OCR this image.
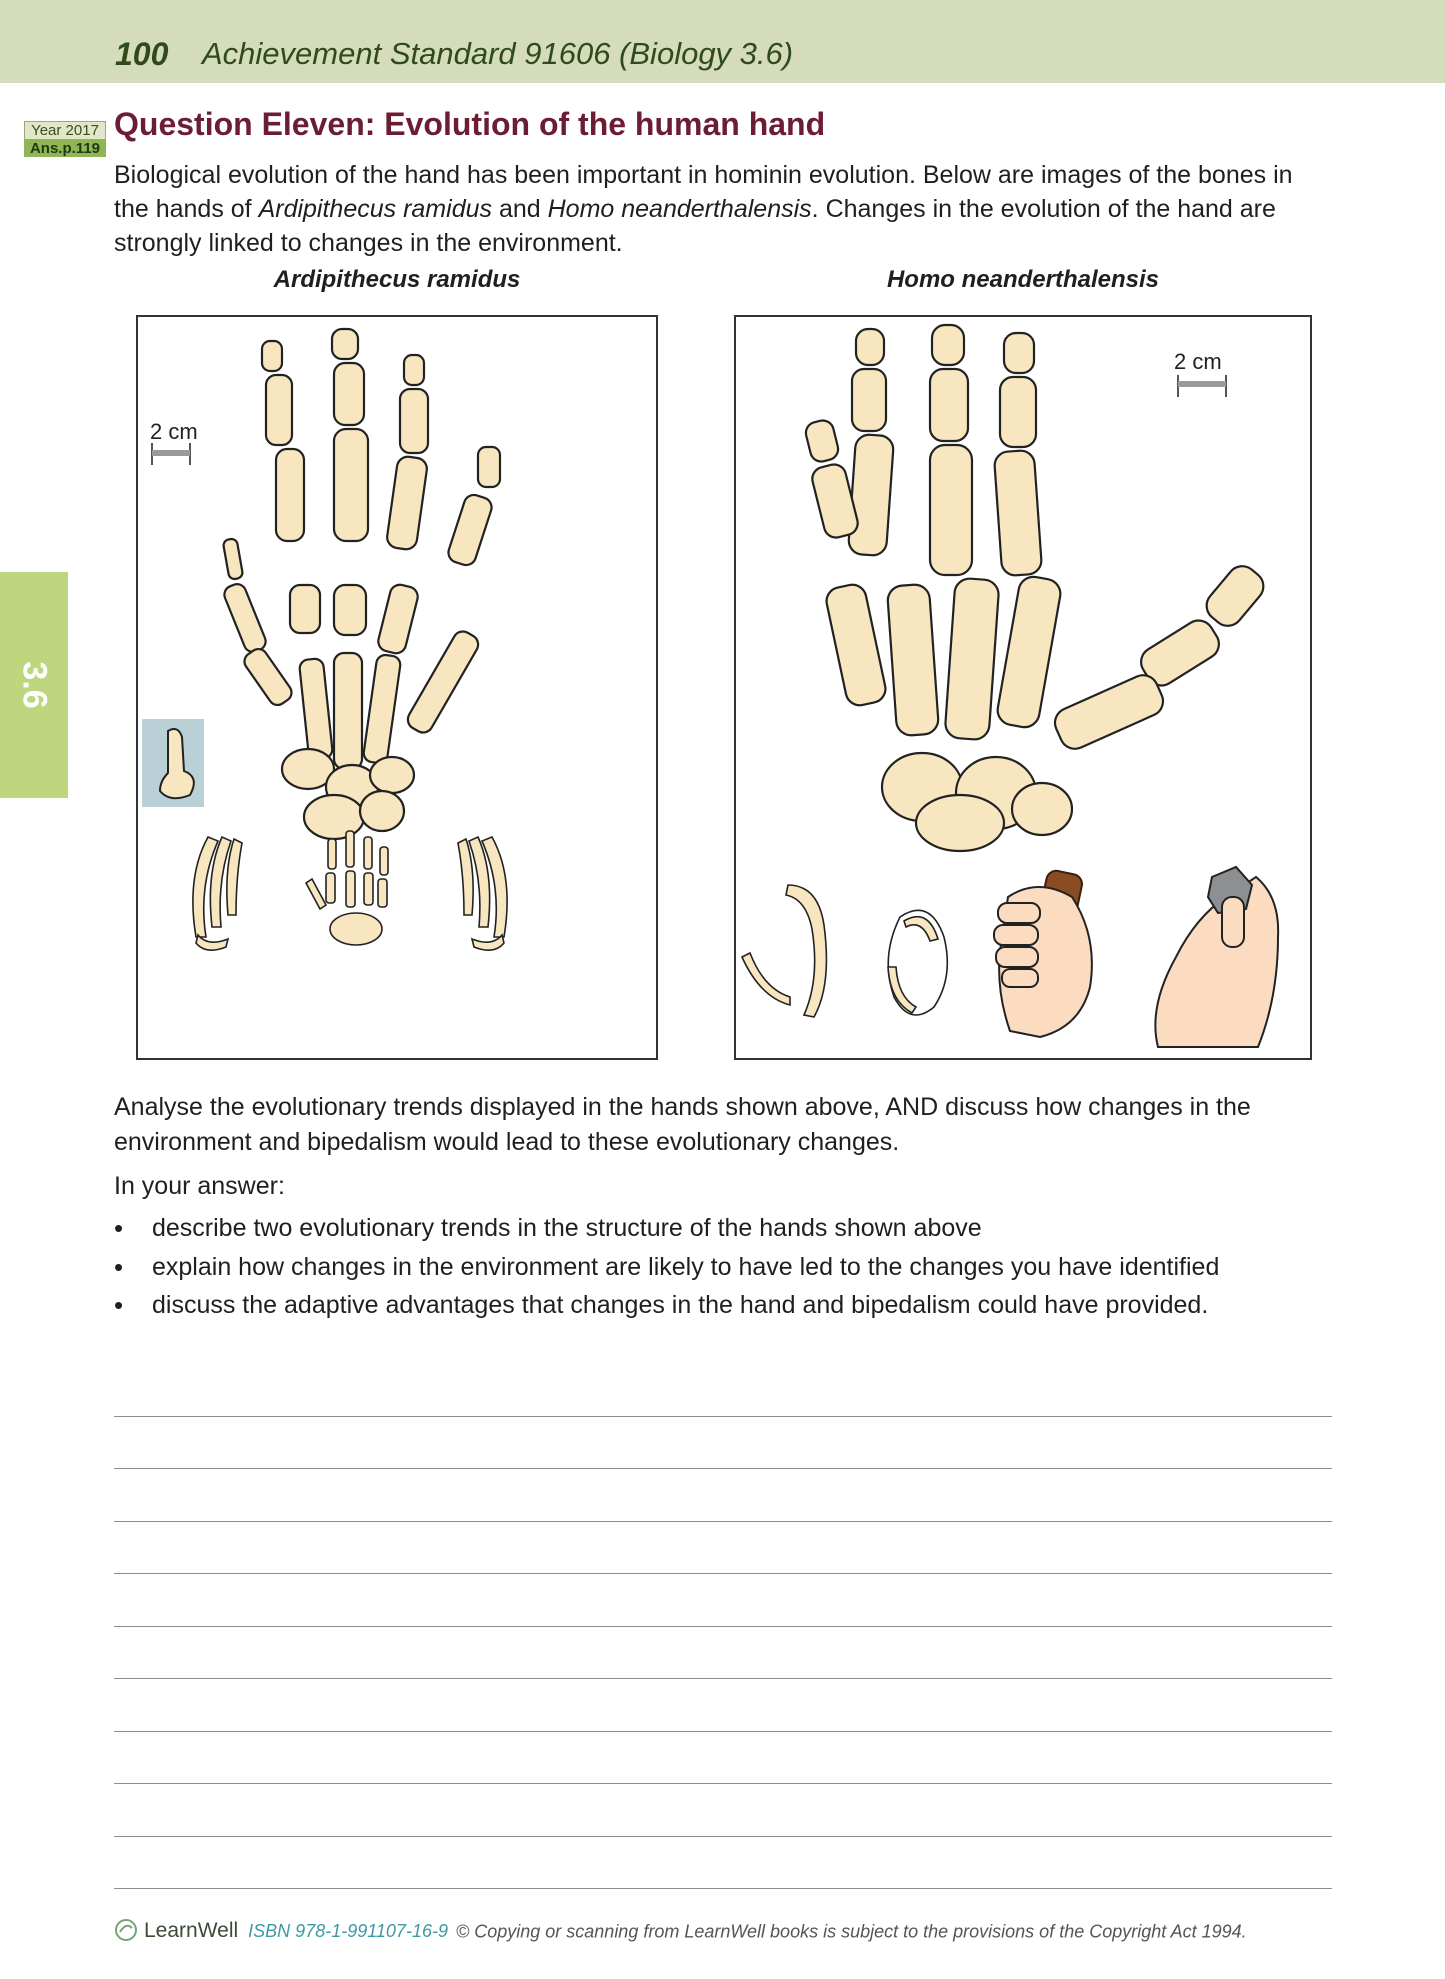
100 Achievement Standard 91606 (Biology 3.6)
Year 2017
Ans.p.119
3.6
Question Eleven: Evolution of the human hand

Biological evolution of the hand has been important in hominin evolution. Below are images of the bones in the hands of Ardipithecus ramidus and Homo neanderthalensis. Changes in the evolution of the hand are strongly linked to changes in the environment.

Ardipithecus ramidus	Homo neanderthalensis
2 cm
2 cm

Analyse the evolutionary trends displayed in the hands shown above, AND discuss how changes in the environment and bipedalism would lead to these evolutionary changes.

In your answer:

• describe two evolutionary trends in the structure of the hands shown above
• explain how changes in the environment are likely to have led to the changes you have identified
• discuss the adaptive advantages that changes in the hand and bipedalism could have provided.
LearnWell ISBN 978-1-991107-16-9 © Copying or scanning from LearnWell books is subject to the provisions of the Copyright Act 1994.
